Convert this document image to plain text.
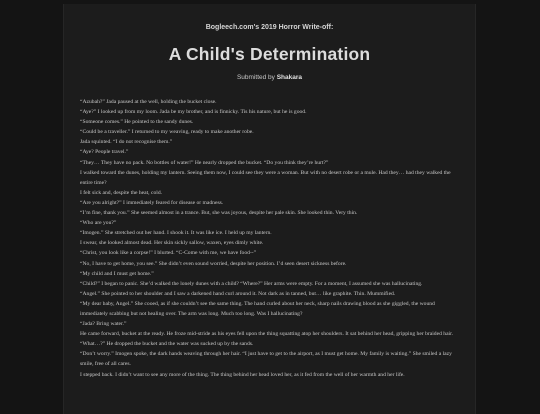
Bogleech.com's 2019 Horror Write-off:
A Child's Determination
Submitted by Shakara

“Azubah?” Jada paused at the well, holding the bucket close.

“Aye?” I looked up from my loom. Jada be my brother, and is finnicky. Tis his nature, but he is good.

“Someone comes.” He pointed to the sandy dunes.

“Could be a traveller.” I returned to my weaving, ready to make another robe.

Jada squinted. “I do not recognise them.”

“Aye? People travel.”

“They… They have no pack. No bottles of water!” He nearly dropped the bucket. “Do you think they’re hurt?”

I walked toward the dunes, holding my lantern. Seeing them now, I could see they were a woman. But with no desert robe or a mule. Had they… had they walked the entire time?

I felt sick and, despite the heat, cold.

“Are you alright?” I immediately feared for disease or madness.

“I’m fine, thank you.” She seemed almost in a trance. But, she was joyous, despite her pale skin. She looked thin. Very thin.

“Who are you?”

“Imogen.” She stretched out her hand. I shook it. It was like ice. I held up my lantern.

I swear, she looked almost dead. Her skin sickly sallow, waxen, eyes dimly white.

“Christ, you look like a corpse!” I blurted. “C-Come with me, we have food--”

“No, I have to get home, you see.” She didn’t even sound worried, despite her position. I’d seen desert sickness before.

“My child and I must get home.”

“Child?” I began to panic. She’d walked the lonely dunes with a child? “Where?” Her arms were empty. For a moment, I assumed she was hallucinating.

“Angel.” She pointed to her shoulder and I saw a darkened hand curl around it. Not dark as in tanned, but… like graphite. Thin. Mummified.

“My dear baby, Angel.” She cooed, as if she couldn’t see the same thing. The hand curled about her neck, sharp nails drawing blood as she giggled, the wound immediately scabbing but not healing over. The arm was long. Much too long. Was I hallucinating?

“Jada? Bring water.”

He came forward, bucket at the ready. He froze mid-stride as his eyes fell upon the thing squatting atop her shoulders. It sat behind her head, gripping her braided hair.

“What…?” He dropped the bucket and the water was sucked up by the sands.

“Don’t worry.” Imogen spoke, the dark hands weaving through her hair. “I just have to get to the airport, as I must get home. My family is waiting.” She smiled a lazy smile, free of all cares.

I stepped back. I didn’t want to see any more of the thing. The thing behind her head loved her, as it fed from the well of her warmth and her life.
